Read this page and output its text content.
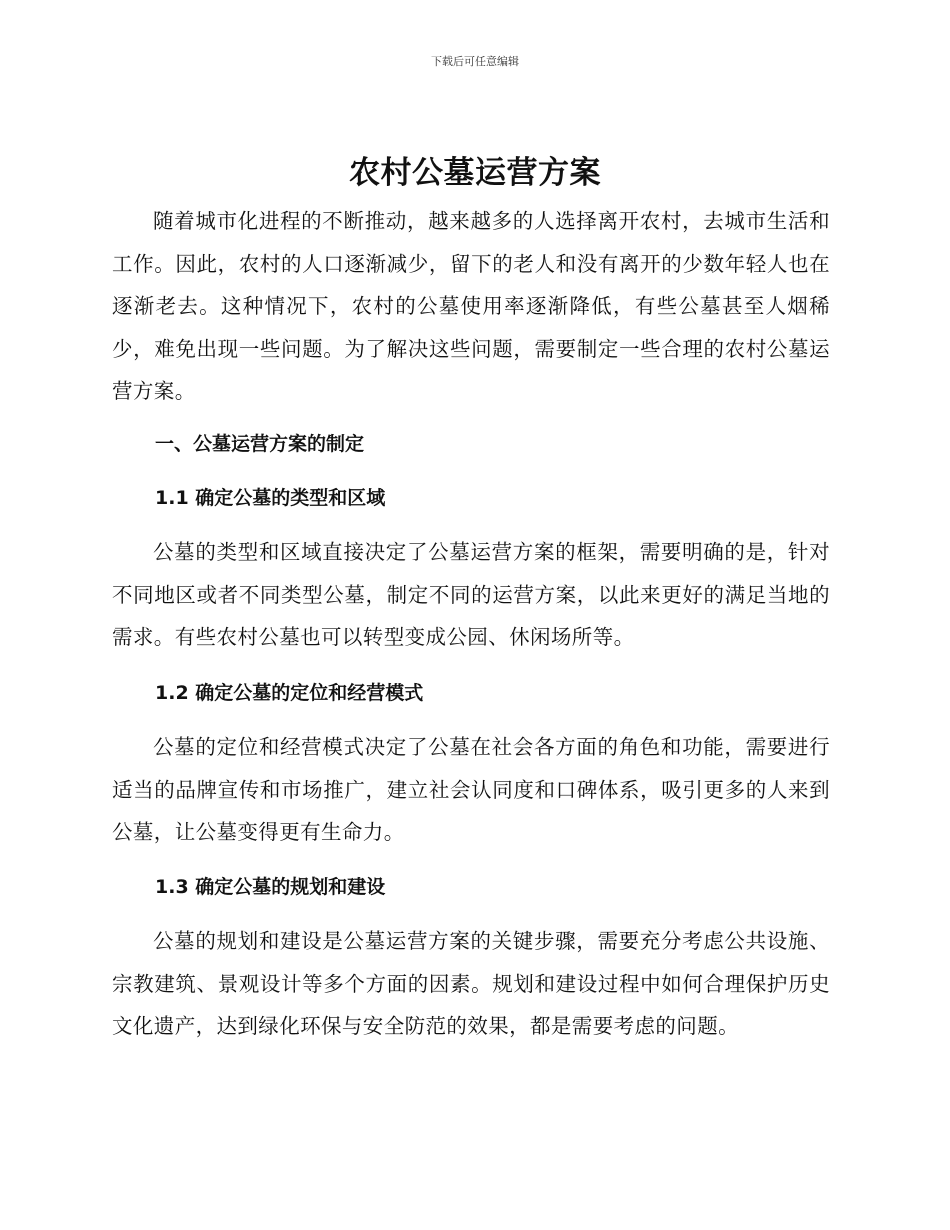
下载后可任意编辑
农村公墓运营方案

随着城市化进程的不断推动，越来越多的人选择离开农村，去城市生活和工作。因此，农村的人口逐渐减少，留下的老人和没有离开的少数年轻人也在逐渐老去。这种情况下，农村的公墓使用率逐渐降低，有些公墓甚至人烟稀少，难免出现一些问题。为了解决这些问题，需要制定一些合理的农村公墓运营方案。

一、公墓运营方案的制定
1.1 确定公墓的类型和区域

公墓的类型和区域直接决定了公墓运营方案的框架，需要明确的是，针对不同地区或者不同类型公墓，制定不同的运营方案，以此来更好的满足当地的需求。有些农村公墓也可以转型变成公园、休闲场所等。

1.2 确定公墓的定位和经营模式

公墓的定位和经营模式决定了公墓在社会各方面的角色和功能，需要进行适当的品牌宣传和市场推广，建立社会认同度和口碑体系，吸引更多的人来到公墓，让公墓变得更有生命力。

1.3 确定公墓的规划和建设

公墓的规划和建设是公墓运营方案的关键步骤，需要充分考虑公共设施、宗教建筑、景观设计等多个方面的因素。规划和建设过程中如何合理保护历史文化遗产，达到绿化环保与安全防范的效果，都是需要考虑的问题。
